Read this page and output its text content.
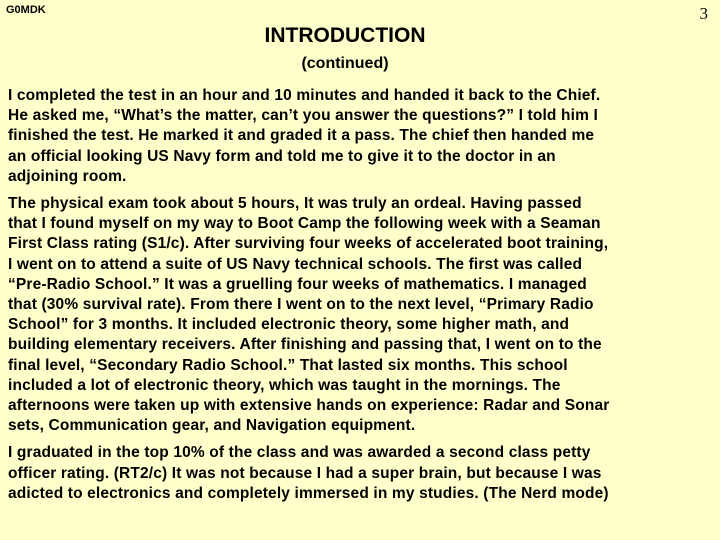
G0MDK	3
INTRODUCTION
(continued)

I completed the test in an hour and 10 minutes and handed it back to the Chief.
He asked me, “What’s the matter, can’t you answer the questions?” I told him I
finished the test. He marked it and graded it a pass. The chief then handed me
an official looking US Navy form and told me to give it to the doctor in an
adjoining room.

The physical exam took about 5 hours, It was truly an ordeal. Having passed
that I found myself on my way to Boot Camp the following week with a Seaman
First Class rating (S1/c). After surviving four weeks of accelerated boot training,
I went on to attend a suite of US Navy technical schools. The first was called
“Pre-Radio School.” It was a gruelling four weeks of mathematics. I managed
that (30% survival rate). From there I went on to the next level, “Primary Radio
School” for 3 months. It included electronic theory, some higher math, and
building elementary receivers. After finishing and passing that, I went on to the
final level, “Secondary Radio School.” That lasted six months. This school
included a lot of electronic theory, which was taught in the mornings. The
afternoons were taken up with extensive hands on experience: Radar and Sonar
sets, Communication gear, and Navigation equipment.

I graduated in the top 10% of the class and was awarded a second class petty
officer rating. (RT2/c) It was not because I had a super brain, but because I was
adicted to electronics and completely immersed in my studies. (The Nerd mode)
